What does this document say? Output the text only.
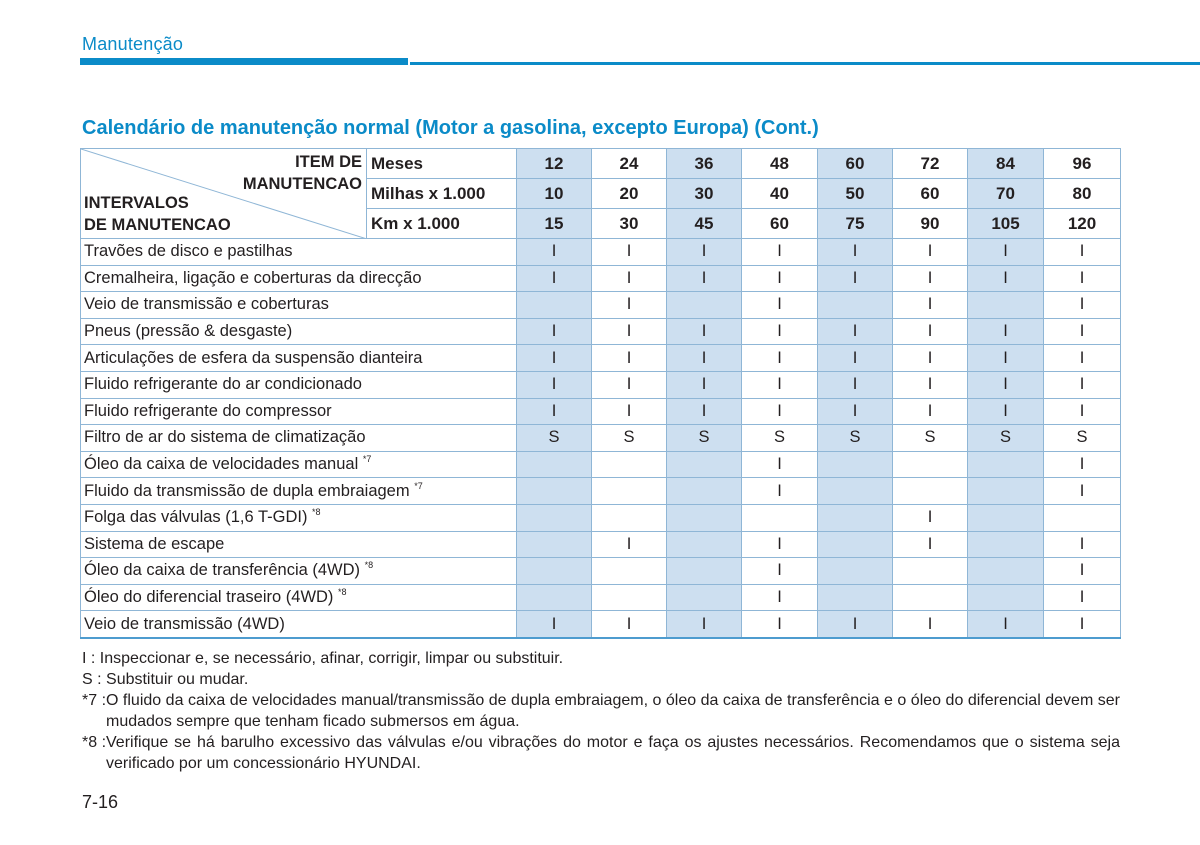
Manutenção
Calendário de manutenção normal (Motor a gasolina, excepto Europa) (Cont.)
ITEM DE
MANUTENCAO
INTERVALOS
DE MANUTENCAO	Meses	12	24	36	48	60	72	84	96
	Milhas x 1.000	10	20	30	40	50	60	70	80
	Km x 1.000	15	30	45	60	75	90	105	120
Travões de disco e pastilhas		I	I	I	I	I	I	I	I
Cremalheira, ligação e coberturas da direcção		I	I	I	I	I	I	I	I
Veio de transmissão e coberturas			I		I		I		I
Pneus (pressão & desgaste)		I	I	I	I	I	I	I	I
Articulações de esfera da suspensão dianteira		I	I	I	I	I	I	I	I
Fluido refrigerante do ar condicionado		I	I	I	I	I	I	I	I
Fluido refrigerante do compressor		I	I	I	I	I	I	I	I
Filtro de ar do sistema de climatização		S	S	S	S	S	S	S	S
Óleo da caixa de velocidades manual $^{*7}$					I				I
Fluido da transmissão de dupla embraiagem $^{*7}$					I				I
Folga das válvulas (1,6 T-GDI) $^{*8}$							I		
Sistema de escape			I		I		I		I
Óleo da caixa de transferência (4WD) $^{*8}$					I				I
Óleo do diferencial traseiro (4WD) $^{*8}$					I				I
Veio de transmissão (4WD)		I	I	I	I	I	I	I	I
I :
Inspeccionar e, se necessário, afinar, corrigir, limpar ou substituir.
S :
Substituir ou mudar.
*7 : O fluido da caixa de velocidades manual/transmissão de dupla embraiagem, o óleo da caixa de transferência e o óleo do diferencial devem ser mudados sempre que tenham ficado submersos em água.
*8 : Verifique se há barulho excessivo das válvulas e/ou vibrações do motor e faça os ajustes necessários. Recomendamos que o sistema seja verificado por um concessionário HYUNDAI.
7-16
